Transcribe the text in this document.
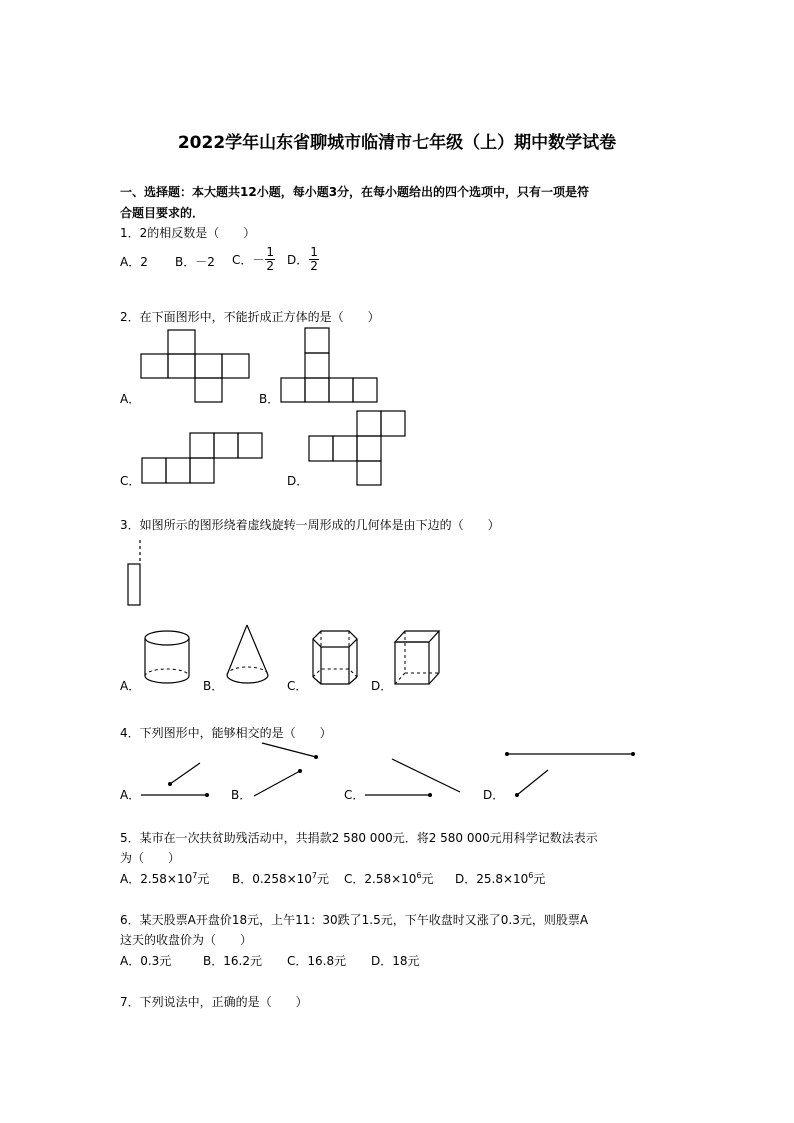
2022学年山东省聊城市临清市七年级（上）期中数学试卷
一、选择题：本大题共12小题，每小题3分，在每小题给出的四个选项中，只有一项是符
合题目要求的．
1．2的相反数是（　　）
A．2 B．－2 C．－ $\frac{1}{2}$ D． $\frac{1}{2}$
2．在下面图形中，不能折成正方体的是（　　）
A．	B．
C．	D．
3．如图所示的图形绕着虚线旋转一周形成的几何体是由下边的（　　）
A．	B．	C．	D．
4．下列图形中，能够相交的是（　　）
A．	B．	C．	D．
5．某市在一次扶贫助残活动中，共捐款2 580 000元．将2 580 000元用科学记数法表示
为（　　）
A．$2.58\times 10^7$元 B．$0.258\times 10^7$元 C．$2.58\times 10^6$元 D．$25.8\times 10^6$元
6．某天股票A开盘价18元，上午11：30跌了1.5元，下午收盘时又涨了0.3元，则股票A
这天的收盘价为（　　）
A．0.3元	B．16.2元 C．16.8元 D．18元
7．下列说法中，正确的是（　　）
